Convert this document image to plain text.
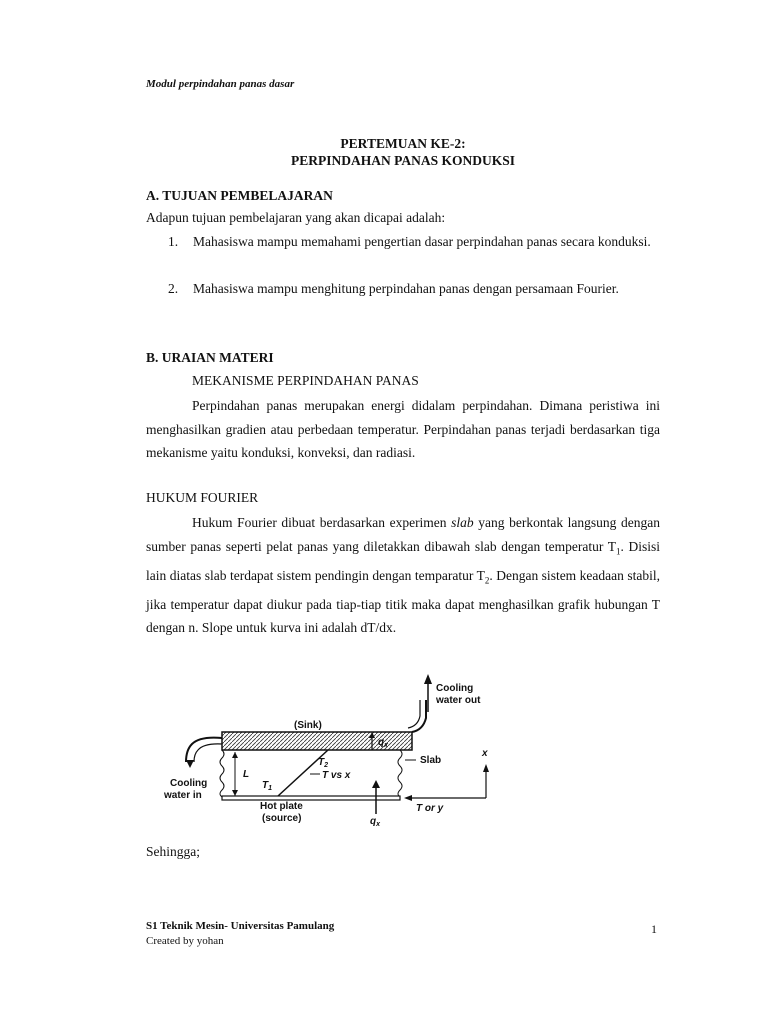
Modul perpindahan panas dasar
PERTEMUAN KE-2:
PERPINDAHAN PANAS KONDUKSI
A. TUJUAN PEMBELAJARAN
Adapun tujuan pembelajaran yang akan dicapai adalah:
1. Mahasiswa mampu memahami pengertian dasar perpindahan panas secara konduksi.
2. Mahasiswa mampu menghitung perpindahan panas dengan persamaan Fourier.
B. URAIAN MATERI
MEKANISME PERPINDAHAN PANAS
Perpindahan panas merupakan energi didalam perpindahan. Dimana peristiwa ini menghasilkan gradien atau perbedaan temperatur. Perpindahan panas terjadi berdasarkan tiga mekanisme yaitu konduksi, konveksi, dan radiasi.
HUKUM FOURIER
Hukum Fourier dibuat berdasarkan experimen slab yang berkontak langsung dengan sumber panas seperti pelat panas yang diletakkan dibawah slab dengan temperatur $T_1$. Disisi lain diatas slab terdapat sistem pendingin dengan temparatur $T_2$. Dengan sistem keadaan stabil, jika temperatur dapat diukur pada tiap-tiap titik maka dapat menghasilkan grafik hubungan T dengan n. Slope untuk kurva ini adalah dT/dx.
Cooling
water out
(Sink)
$q_x$
Slab
L
$T_2$
$T_1$
T vs x
Cooling
water in
Hot plate
(source)	$q_x$
x
T or y
Sehingga;
S1 Teknik Mesin- Universitas Pamulang
Created by yohan
1
